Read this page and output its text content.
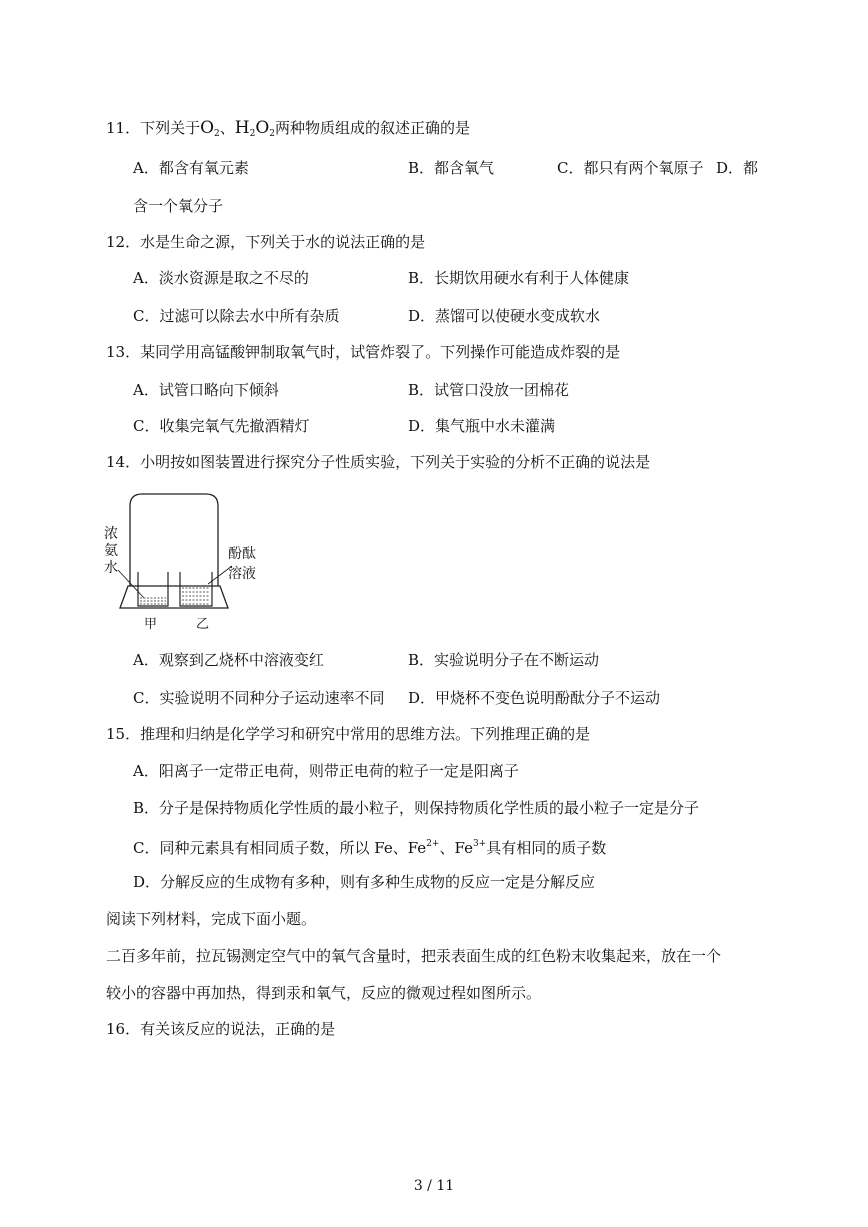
11．下列关于$O_2$、$H_2O_2$两种物质组成的叙述正确的是
A．都含有氧元素	B．都含氧气	C．都只有两个氧原子 D．都
含一个氧分子
12．水是生命之源，下列关于水的说法正确的是
A．淡水资源是取之不尽的	B．长期饮用硬水有利于人体健康
C．过滤可以除去水中所有杂质	D．蒸馏可以使硬水变成软水
13．某同学用高锰酸钾制取氧气时，试管炸裂了。下列操作可能造成炸裂的是
A．试管口略向下倾斜	B．试管口没放一团棉花
C．收集完氧气先撤酒精灯	D．集气瓶中水未灌满
14．小明按如图装置进行探究分子性质实验，下列关于实验的分析不正确的说法是
浓
氨
水
酚酞
溶液
甲	乙
A．观察到乙烧杯中溶液变红	B．实验说明分子在不断运动
C．实验说明不同种分子运动速率不同 D．甲烧杯不变色说明酚酞分子不运动
15．推理和归纳是化学学习和研究中常用的思维方法。下列推理正确的是
A．阳离子一定带正电荷，则带正电荷的粒子一定是阳离子
B．分子是保持物质化学性质的最小粒子，则保持物质化学性质的最小粒子一定是分子
C．同种元素具有相同质子数，所以 Fe、$Fe^{2+}$、$Fe^{3+}$具有相同的质子数
D．分解反应的生成物有多种，则有多种生成物的反应一定是分解反应
阅读下列材料，完成下面小题。
二百多年前，拉瓦锡测定空气中的氧气含量时，把汞表面生成的红色粉末收集起来，放在一个
较小的容器中再加热，得到汞和氧气，反应的微观过程如图所示。
16．有关该反应的说法，正确的是
3 / 11
